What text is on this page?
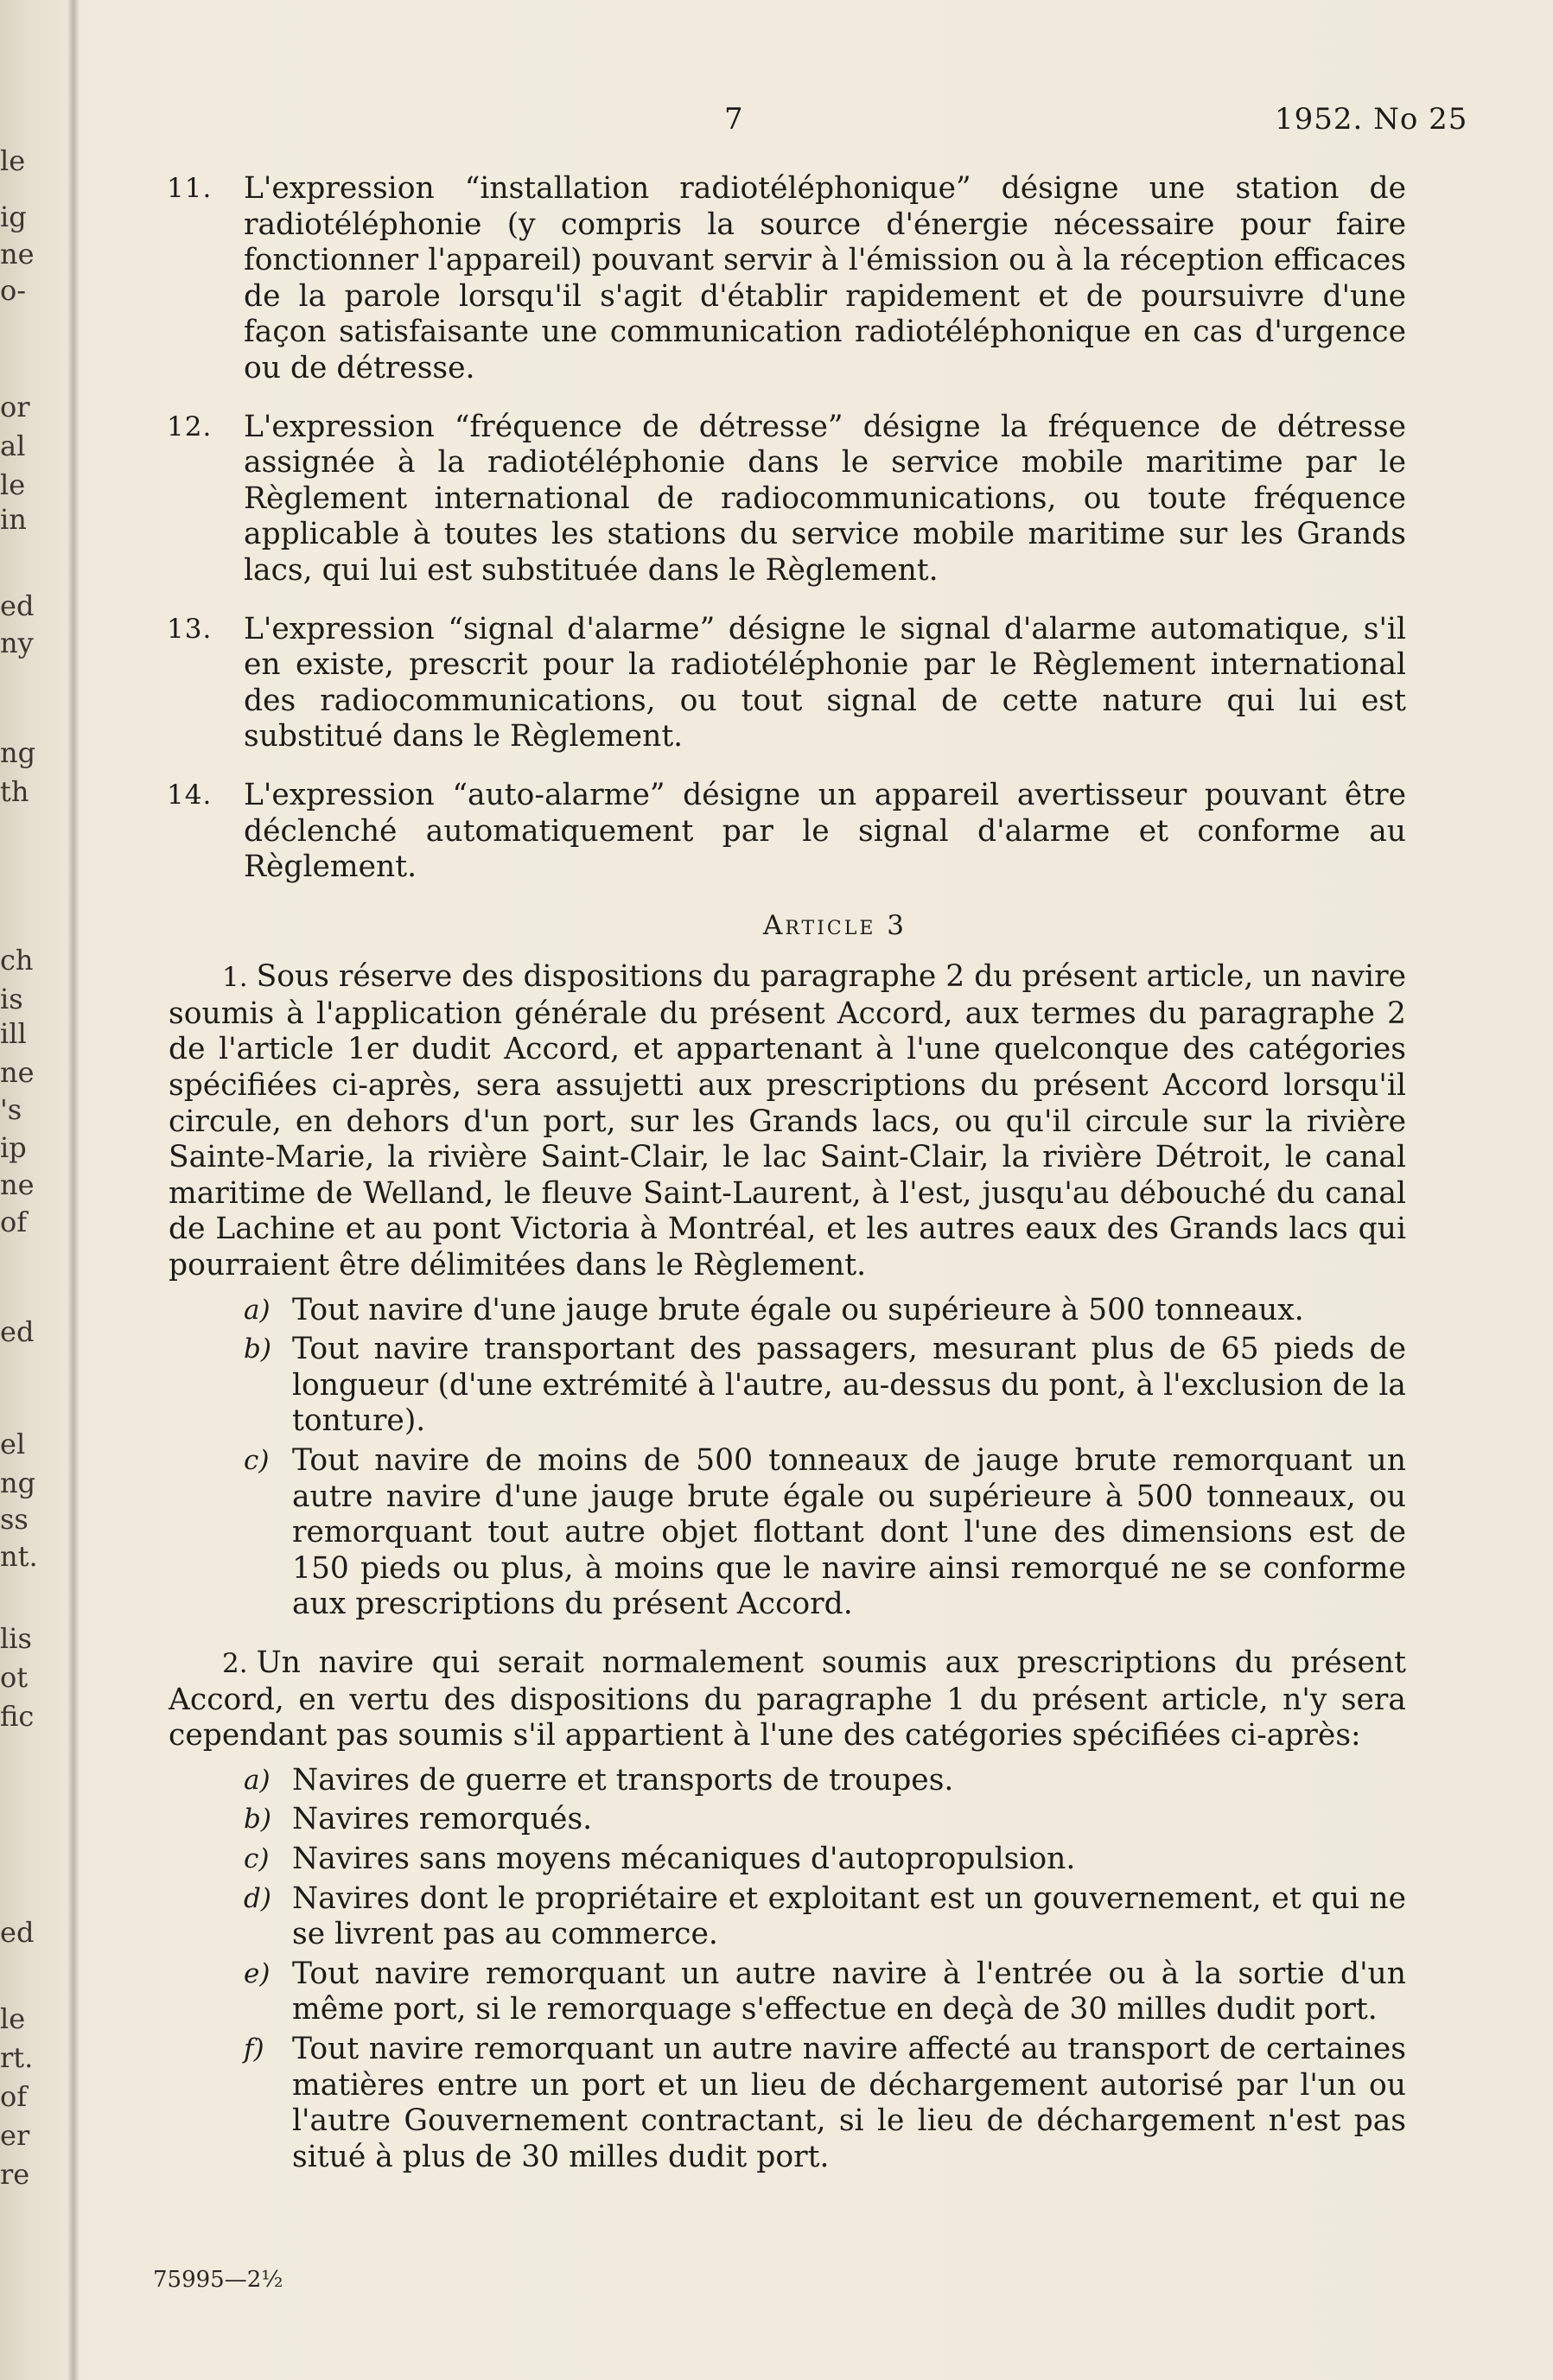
le
ig
ne
o-
or
al
le
in
ed
ny
ng
th
ch
is
ill
ne
's
ip
ne
of
ed
el
ng
ss
nt.
lis
ot
fic
ed
le
rt.
of
er
re
7	1952. No 25
11.	L'expression “installation radiotéléphonique” désigne une station de radiotéléphonie (y compris la source d'énergie nécessaire pour faire fonctionner l'appareil) pouvant servir à l'émission ou à la réception efficaces de la parole lorsqu'il s'agit d'établir rapidement et de poursuivre d'une façon satisfaisante une communication radiotéléphonique en cas d'urgence ou de détresse.
12.	L'expression “fréquence de détresse” désigne la fréquence de détresse assignée à la radiotéléphonie dans le service mobile maritime par le Règlement international de radiocommunications, ou toute fréquence applicable à toutes les stations du service mobile maritime sur les Grands lacs, qui lui est substituée dans le Règlement.
13.	L'expression “signal d'alarme” désigne le signal d'alarme automatique, s'il en existe, prescrit pour la radiotéléphonie par le Règlement international des radiocommunications, ou tout signal de cette nature qui lui est substitué dans le Règlement.
14.	L'expression “auto-alarme” désigne un appareil avertisseur pouvant être déclenché automatiquement par le signal d'alarme et conforme au Règlement.
Article 3

1. Sous réserve des dispositions du paragraphe 2 du présent article, un navire soumis à l'application générale du présent Accord, aux termes du paragraphe 2 de l'article 1er dudit Accord, et appartenant à l'une quelconque des catégories spécifiées ci-après, sera assujetti aux prescriptions du présent Accord lorsqu'il circule, en dehors d'un port, sur les Grands lacs, ou qu'il circule sur la rivière Sainte-Marie, la rivière Saint-Clair, le lac Saint-Clair, la rivière Détroit, le canal maritime de Welland, le fleuve Saint-Laurent, à l'est, jusqu'au débouché du canal de Lachine et au pont Victoria à Montréal, et les autres eaux des Grands lacs qui pourraient être délimitées dans le Règlement.

a) Tout navire d'une jauge brute égale ou supérieure à 500 tonneaux.
b) Tout navire transportant des passagers, mesurant plus de 65 pieds de longueur (d'une extrémité à l'autre, au-dessus du pont, à l'exclusion de la tonture).
c) Tout navire de moins de 500 tonneaux de jauge brute remorquant un autre navire d'une jauge brute égale ou supérieure à 500 tonneaux, ou remorquant tout autre objet flottant dont l'une des dimensions est de 150 pieds ou plus, à moins que le navire ainsi remorqué ne se conforme aux prescriptions du présent Accord.

2. Un navire qui serait normalement soumis aux prescriptions du présent Accord, en vertu des dispositions du paragraphe 1 du présent article, n'y sera cependant pas soumis s'il appartient à l'une des catégories spécifiées ci-après:

a) Navires de guerre et transports de troupes.
b) Navires remorqués.
c) Navires sans moyens mécaniques d'autopropulsion.
d) Navires dont le propriétaire et exploitant est un gouvernement, et qui ne se livrent pas au commerce.
e) Tout navire remorquant un autre navire à l'entrée ou à la sortie d'un même port, si le remorquage s'effectue en deçà de 30 milles dudit port.
f) Tout navire remorquant un autre navire affecté au transport de certaines matières entre un port et un lieu de déchargement autorisé par l'un ou l'autre Gouvernement contractant, si le lieu de déchargement n'est pas situé à plus de 30 milles dudit port.
75995—2½
